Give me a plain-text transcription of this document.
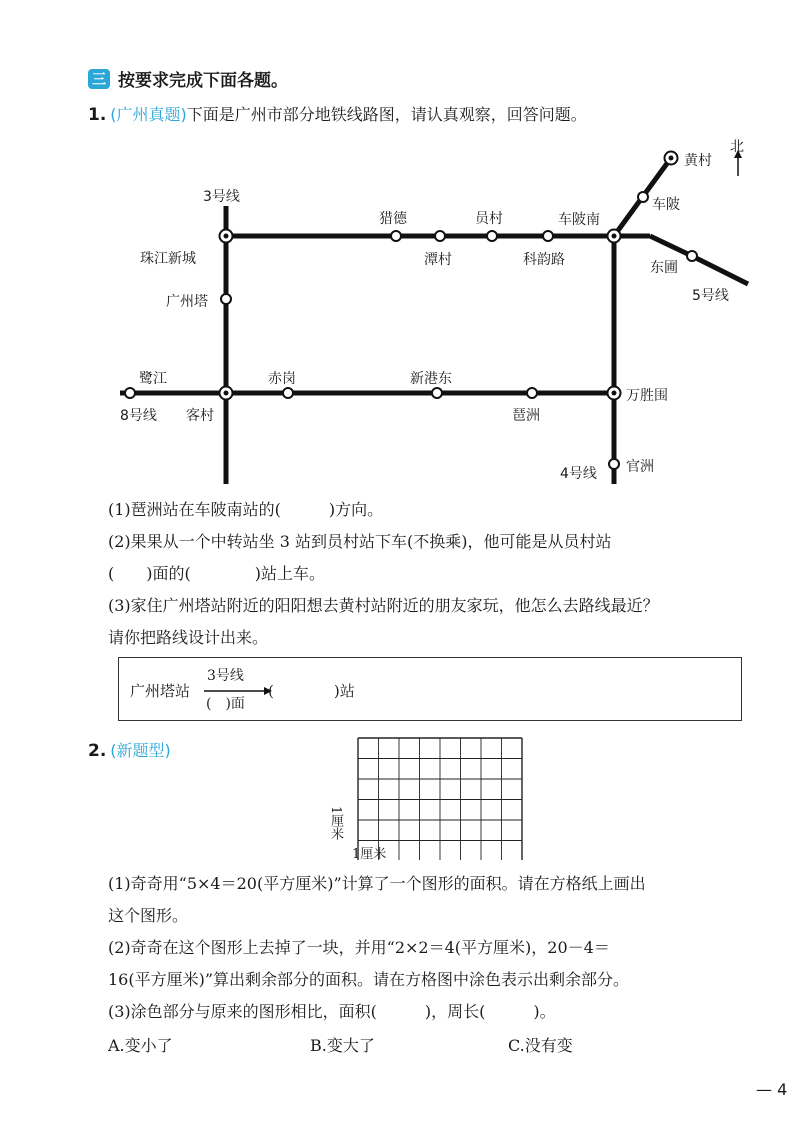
三 按要求完成下面各题。
1. (广州真题)下面是广州市部分地铁线路图，请认真观察，回答问题。
北
3号线
4号线
5号线
8号线
黄村
车陂
车陂南
东圃
猎德
潭村
员村
科韵路
珠江新城
广州塔
鹭江
客村
赤岗	新港东
琶洲
万胜围
官洲
(1)琶洲站在车陂南站的(　　　)方向。
(2)果果从一个中转站坐 3 站到员村站下车(不换乘)，他可能是从员村站
(　　)面的(　　　　)站上车。
(3)家住广州塔站附近的阳阳想去黄村站附近的朋友家玩，他怎么去路线最近？
请你把路线设计出来。
广州塔站
3号线
(　)面
(　　　　)站
2. (新题型)
1厘米
1厘米
(1)奇奇用“5×4＝20(平方厘米)”计算了一个图形的面积。请在方格纸上画出
这个图形。
(2)奇奇在这个图形上去掉了一块，并用“2×2＝4(平方厘米)，20－4＝
16(平方厘米)”算出剩余部分的面积。请在方格图中涂色表示出剩余部分。
(3)涂色部分与原来的图形相比，面积(　　　)，周长(　　　)。
A.变小了	B.变大了	C.没有变
— 4
